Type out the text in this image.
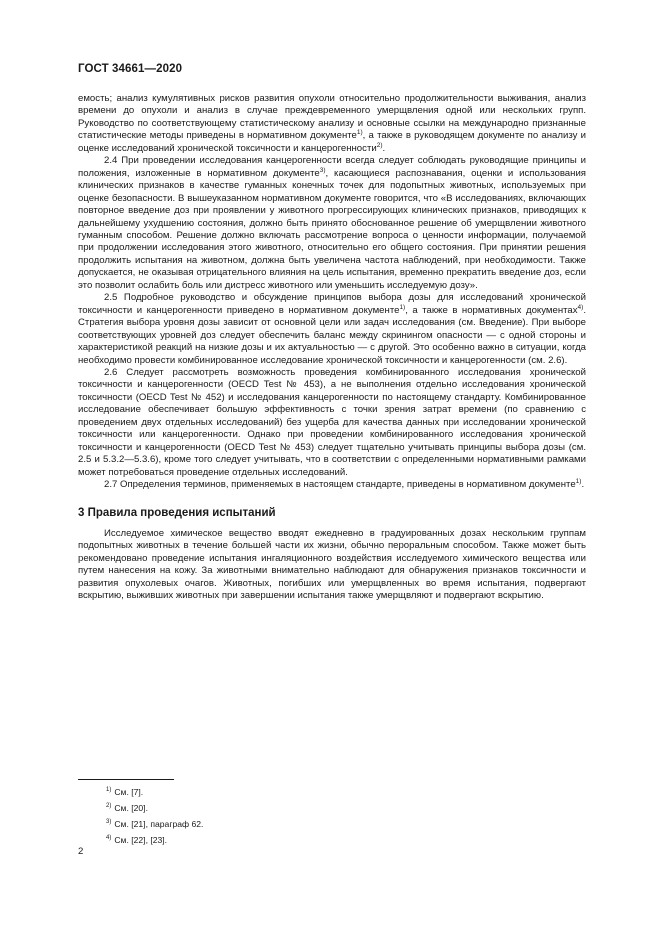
ГОСТ 34661—2020

емость; анализ кумулятивных рисков развития опухоли относительно продолжительности выживания, анализ времени до опухоли и анализ в случае преждевременного умерщвления одной или нескольких групп. Руководство по соответствующему статистическому анализу и основные ссылки на международно признанные статистические методы приведены в нормативном документе$^{1)}$, а также в руководящем документе по анализу и оценке исследований хронической токсичности и канцерогенности$^{2)}$.

2.4 При проведении исследования канцерогенности всегда следует соблюдать руководящие принципы и положения, изложенные в нормативном документе$^{3)}$, касающиеся распознавания, оценки и использования клинических признаков в качестве гуманных конечных точек для подопытных животных, используемых при оценке безопасности. В вышеуказанном нормативном документе говорится, что «В исследованиях, включающих повторное введение доз при проявлении у животного прогрессирующих клинических признаков, приводящих к дальнейшему ухудшению состояния, должно быть принято обоснованное решение об умерщвлении животного гуманным способом. Решение должно включать рассмотрение вопроса о ценности информации, получаемой при продолжении исследования этого животного, относительно его общего состояния. При принятии решения продолжить испытания на животном, должна быть увеличена частота наблюдений, при необходимости. Также допускается, не оказывая отрицательного влияния на цель испытания, временно прекратить введение доз, если это позволит ослабить боль или дистресс животного или уменьшить исследуемую дозу».

2.5 Подробное руководство и обсуждение принципов выбора дозы для исследований хронической токсичности и канцерогенности приведено в нормативном документе$^{1)}$, а также в нормативных документах$^{4)}$. Стратегия выбора уровня дозы зависит от основной цели или задач исследования (см. Введение). При выборе соответствующих уровней доз следует обеспечить баланс между скринингом опасности — с одной стороны и характеристикой реакций на низкие дозы и их актуальностью — с другой. Это особенно важно в ситуации, когда необходимо провести комбинированное исследование хронической токсичности и канцерогенности (см. 2.6).

2.6 Следует рассмотреть возможность проведения комбинированного исследования хронической токсичности и канцерогенности (OECD Test № 453), а не выполнения отдельно исследования хронической токсичности (OECD Test № 452) и исследования канцерогенности по настоящему стандарту. Комбинированное исследование обеспечивает большую эффективность с точки зрения затрат времени (по сравнению с проведением двух отдельных исследований) без ущерба для качества данных при исследовании хронической токсичности или канцерогенности. Однако при проведении комбинированного исследования хронической токсичности и канцерогенности (OECD Test № 453) следует тщательно учитывать принципы выбора дозы (см. 2.5 и 5.3.2—5.3.6), кроме того следует учитывать, что в соответствии с определенными нормативными рамками может потребоваться проведение отдельных исследований.

2.7 Определения терминов, применяемых в настоящем стандарте, приведены в нормативном документе$^{1)}$.

3 Правила проведения испытаний

Исследуемое химическое вещество вводят ежедневно в градуированных дозах нескольким группам подопытных животных в течение большей части их жизни, обычно пероральным способом. Также может быть рекомендовано проведение испытания ингаляционного воздействия исследуемого химического вещества или путем нанесения на кожу. За животными внимательно наблюдают для обнаружения признаков токсичности и развития опухолевых очагов. Животных, погибших или умерщвленных во время испытания, подвергают вскрытию, выживших животных при завершении испытания также умерщвляют и подвергают вскрытию.

$^{1)}$ См. [7].
$^{2)}$ См. [20].
$^{3)}$ См. [21], параграф 62.
$^{4)}$ См. [22], [23].
2
